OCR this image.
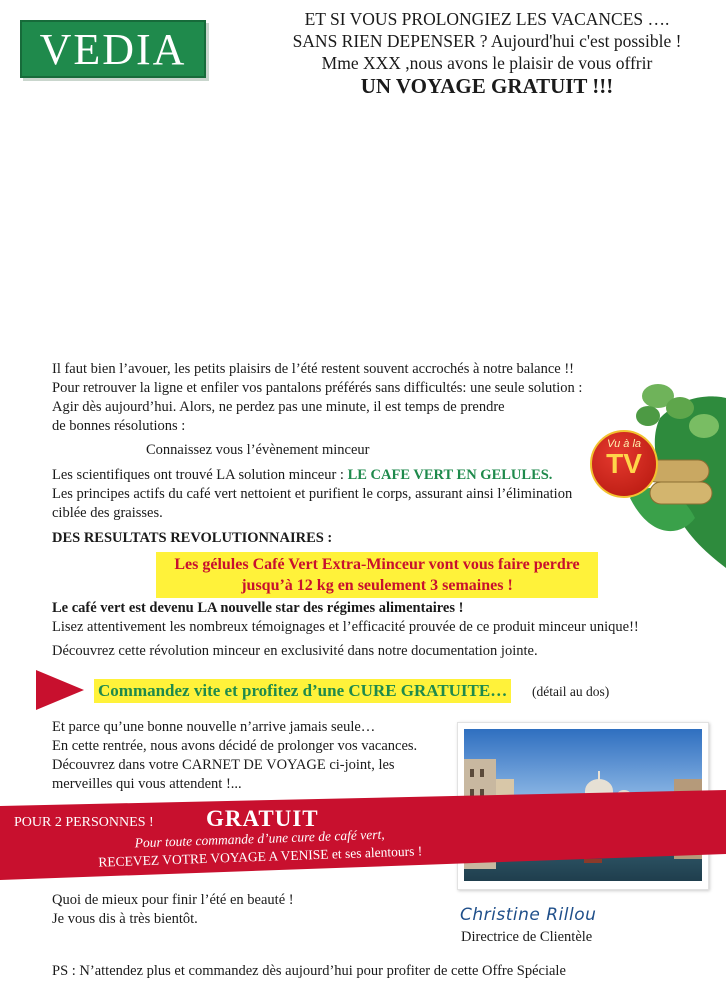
VEDIA
ET SI VOUS PROLONGIEZ LES VACANCES ….
SANS RIEN DEPENSER ? Aujourd'hui c'est possible !
Mme XXX ,nous avons le plaisir de vous offrir
UN VOYAGE GRATUIT !!!
Il faut bien l’avouer, les petits plaisirs de l’été restent souvent accrochés à notre balance !!
Pour retrouver la ligne et enfiler vos pantalons préférés sans difficultés: une seule solution :
Agir dès aujourd’hui. Alors, ne perdez pas une minute, il est temps de prendre
de bonnes résolutions :
Connaissez vous l’évènement minceur
Les scientifiques ont trouvé LA solution minceur : LE CAFE VERT EN GELULES.
Les principes actifs du café vert nettoient et purifient le corps, assurant ainsi l’élimination
ciblée des graisses.
Vu à la
TV
DES RESULTATS REVOLUTIONNAIRES :
Les gélules Café Vert Extra-Minceur vont vous faire perdre
jusqu’à 12 kg en seulement 3 semaines !
Le café vert est devenu LA nouvelle star des régimes alimentaires !
Lisez attentivement les nombreux témoignages et l’efficacité prouvée de ce produit minceur unique!!
Découvrez cette révolution minceur en exclusivité dans notre documentation jointe.
Commandez vite et profitez d’une CURE GRATUITE… (détail au dos)
Et parce qu’une bonne nouvelle n’arrive jamais seule…
En cette rentrée, nous avons décidé de prolonger vos vacances.
Découvrez dans votre CARNET DE VOYAGE ci-joint, les
merveilles qui vous attendent !...
POUR 2 PERSONNES ! GRATUIT
Pour toute commande d’une cure de café vert,
RECEVEZ VOTRE VOYAGE A VENISE et ses alentours !
Quoi de mieux pour finir l’été en beauté !
Je vous dis à très bientôt.	Christine Rillou
Directrice de Clientèle
PS : N’attendez plus et commandez dès aujourd’hui pour profiter de cette Offre Spéciale
